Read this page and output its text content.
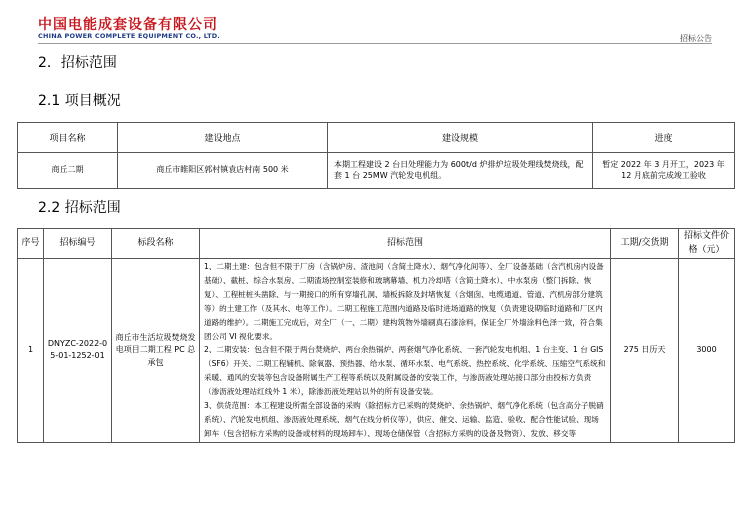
中国电能成套设备有限公司
CHINA POWER COMPLETE EQUIPMENT CO., LTD.	招标公告
2．招标范围
2.1 项目概况
项目名称	建设地点	建设规模	进度
商丘二期	商丘市睢阳区郭村镇袁店村南 500 米	本期工程建设 2 台日处理能力为 600t/d 炉排炉垃圾处理线焚烧线，配套 1 台 25MW 汽轮发电机组。	暂定 2022 年 3 月开工，2023 年 12 月底前完成竣工验收
2.2 招标范围
序号	招标编号	标段名称	招标范围	工期/交货期	招标文件价格（元）
1	DNYZC-2022-05-01-1252-01	商丘市生活垃圾焚烧发电项目二期工程 PC 总承包	1、二期土建：包含但不限于厂房（含锅炉房、渣池间（含简土降水）、烟气净化间等）、全厂设备基础（含汽机房内设备基础）、截桩、综合水泵房、二期渣场控制室装修和玻璃幕墙、机力冷却塔（含简土降水）、中水泵房（整门拆除、恢复）、工程桩桩头凿除、与一期接口的所有穿墙孔洞、墙板拆除及封堵恢复（含烟囱、电缆通道、管道、汽机房部分建筑等）的土建工作（及其水、电等工作）。二期工程施工范围内道路及临时进场道路的恢复（负责建设期临时道路和厂区内道路的维护）。二期施工完成后，对全厂（一、二期）建构筑物外墙刷真石漆涂料，保证全厂外墙涂料色泽一致，符合集团公司 VI 视化要求。
2、二期安装：包含但不限于两台焚烧炉、两台余热锅炉、两套烟气净化系统、一套汽轮发电机组、1 台主变、1 台 GIS（SF6）开关、二期工程辅机、除氧器、预热器、给水泵、循环水泵、电气系统、热控系统、化学系统、压缩空气系统和采暖、通风的安装等包含设备附属生产工程等系统以及附属设备的安装工作，与渗沥液处理站接口部分由投标方负责（渗沥液处理站红线外 1 米），除渗沥液处理站以外的所有设备安装。
3、供货范围：本工程建设所需全部设备的采购（除招标方已采购的焚烧炉、余热锅炉、烟气净化系统（包含高分子脱硝系统）、汽轮发电机组、渗沥液处理系统、烟气在线分析仪等），供应、催交、运输、监造、验收、配合性能试验、现场卸车（包含招标方采购的设备或材料的现场卸车）、现场仓储保管（含招标方采购的设备及物资）、发放、移交等	275 日历天	3000
